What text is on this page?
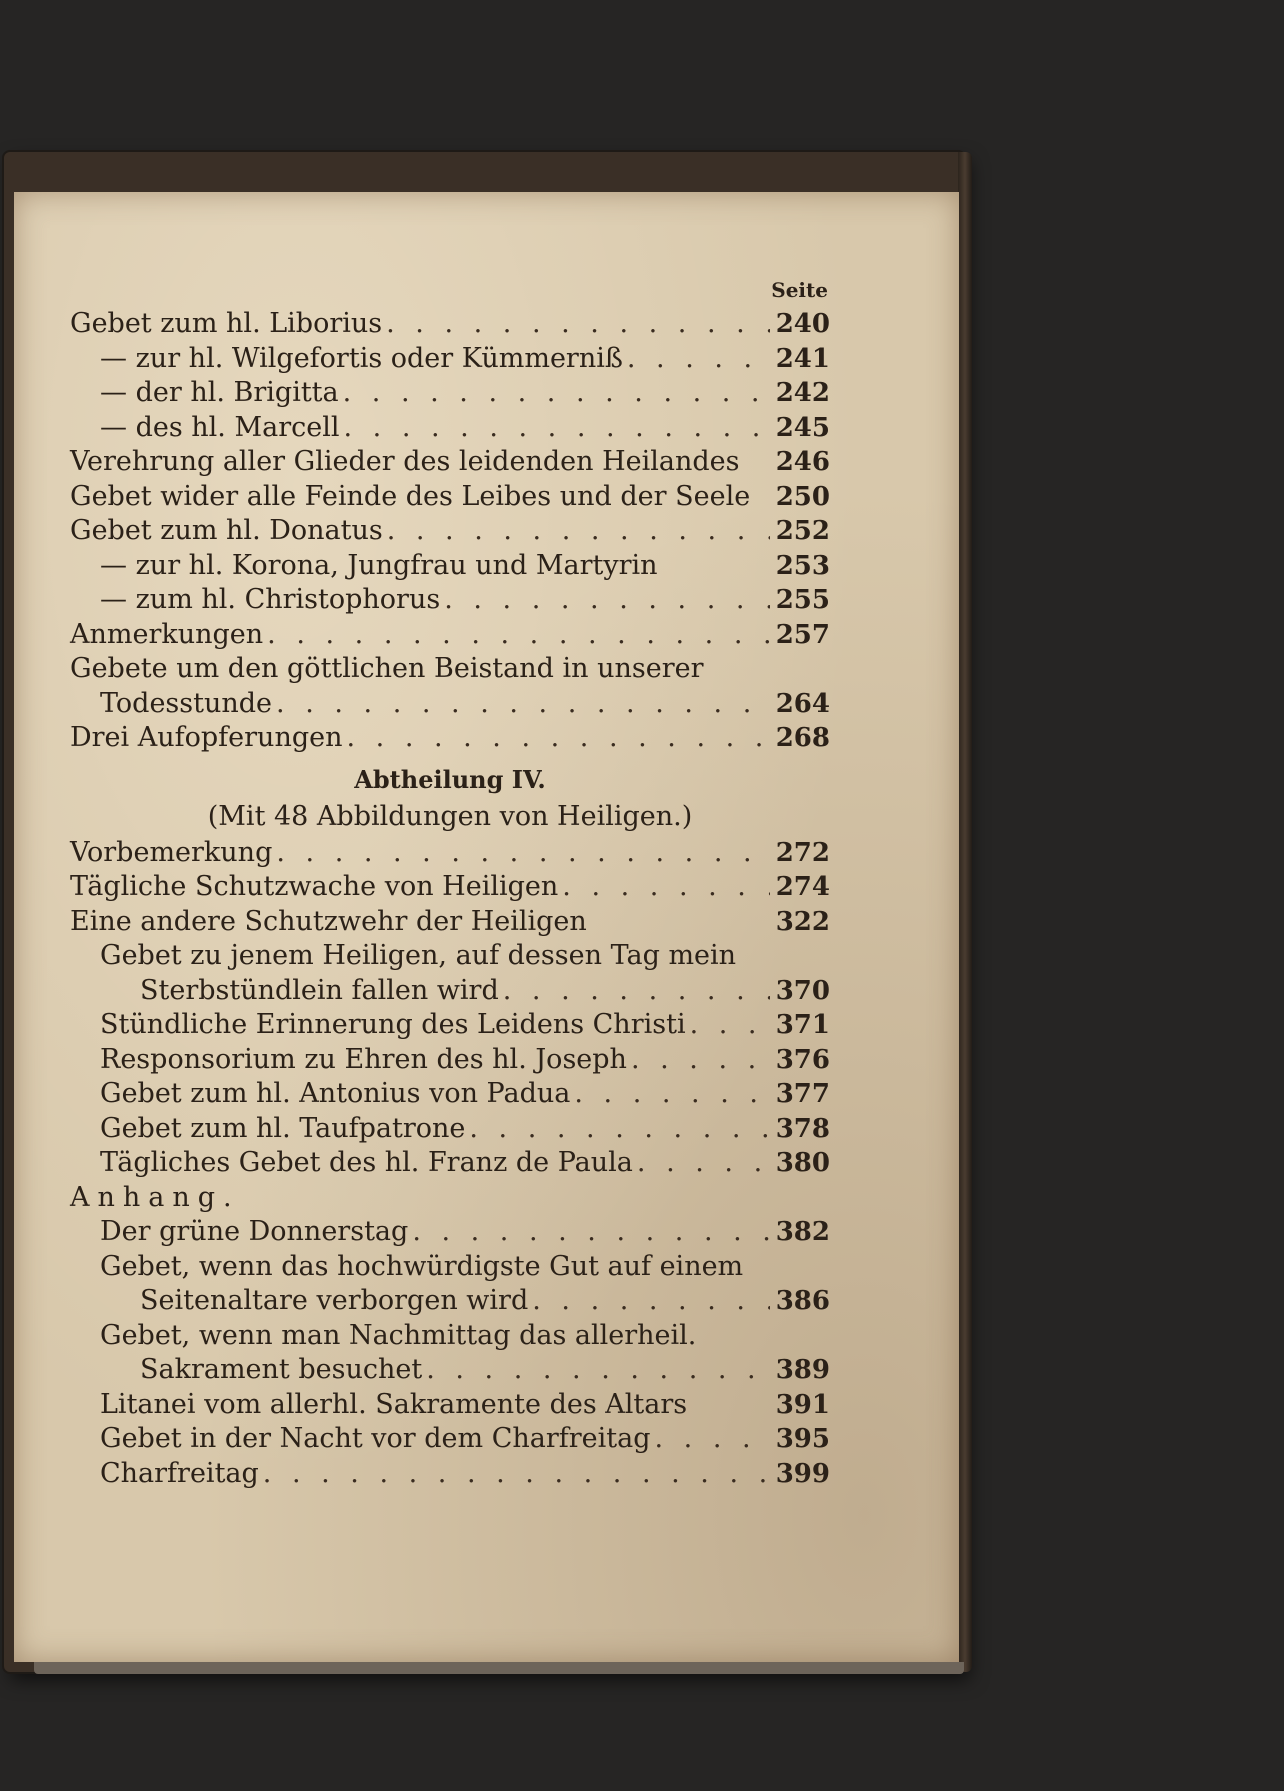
Seite
Gebet zum hl. Liborius . . .	240
— zur hl. Wilgefortis oder Kümmerniß . . .	241
— der hl. Brigitta . . .	242
— des hl. Marcell . . .	245
Verehrung aller Glieder des leidenden Heilandes 246
Gebet wider alle Feinde des Leibes und der Seele 250
Gebet zum hl. Donatus . . .	252
— zur hl. Korona, Jungfrau und Martyrin	253
— zum hl. Christophorus . . .	255
Anmerkungen . . .	257
Gebete um den göttlichen Beistand in unserer
Todesstunde . . .	264
Drei Aufopferungen . . .	268
Abtheilung IV.
(Mit 48 Abbildungen von Heiligen.)
Vorbemerkung . . .	272
Tägliche Schutzwache von Heiligen . . .	274
Eine andere Schutzwehr der Heiligen	322
Gebet zu jenem Heiligen, auf dessen Tag mein
Sterbstündlein fallen wird . . .	370
Stündliche Erinnerung des Leidens Christi . . .	371
Responsorium zu Ehren des hl. Joseph . . .	376
Gebet zum hl. Antonius von Padua . . .	377
Gebet zum hl. Taufpatrone . . .	378
Tägliches Gebet des hl. Franz de Paula . . .	380
Anhang.
Der grüne Donnerstag . . .	382
Gebet, wenn das hochwürdigste Gut auf einem
Seitenaltare verborgen wird . . .	386
Gebet, wenn man Nachmittag das allerheil.
Sakrament besuchet . . .	389
Litanei vom allerhl. Sakramente des Altars	391
Gebet in der Nacht vor dem Charfreitag . . .	395
Charfreitag . . .	399
